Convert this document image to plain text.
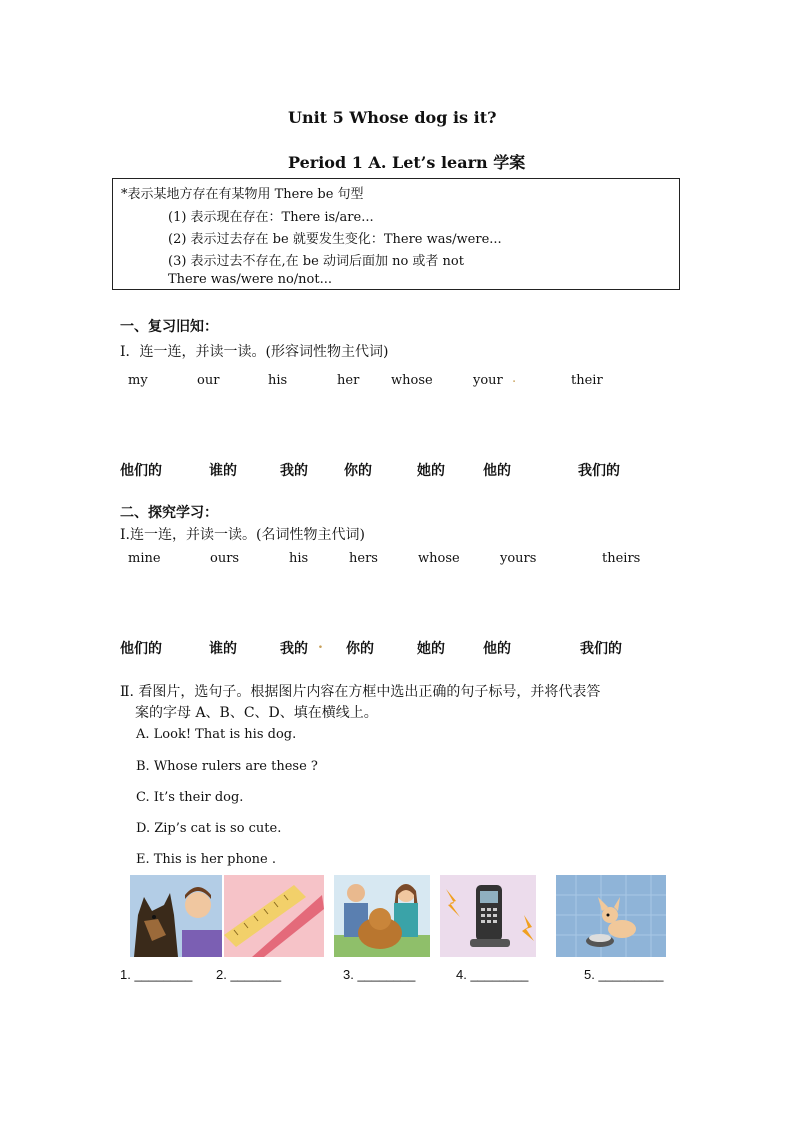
Unit 5 Whose dog is it?
Period 1 A. Let’s learn 学案
*表示某地方存在有某物用 There be 句型
(1) 表示现在存在：There is/are...
(2) 表示过去存在 be 就要发生变化：There was/were...
(3) 表示过去不存在,在 be 动词后面加 no 或者 not
There was/were no/not...
一、复习旧知：
Ⅰ．连一连，并读一读。(形容词性物主代词)
my	our	his	her whose	your .	their
他们的	谁的	我的	你的	她的	他的	我们的
二、探究学习：
Ⅰ.连一连，并读一读。(名词性物主代词)
mine	ours	his	hers	whose	yours	theirs
他们的	谁的	我的 . 你的	她的	他的	我们的
Ⅱ. 看图片，选句子。根据图片内容在方框中选出正确的句子标号，并将代表答
案的字母 A、B、C、D、填在横线上。
A. Look! That is his dog.
B. Whose rulers are these ?
C. It’s their dog.
D. Zip’s cat is so cute.
E. This is her phone .
1. ________ 2. _______	3. ________	4. ________	5. _________
